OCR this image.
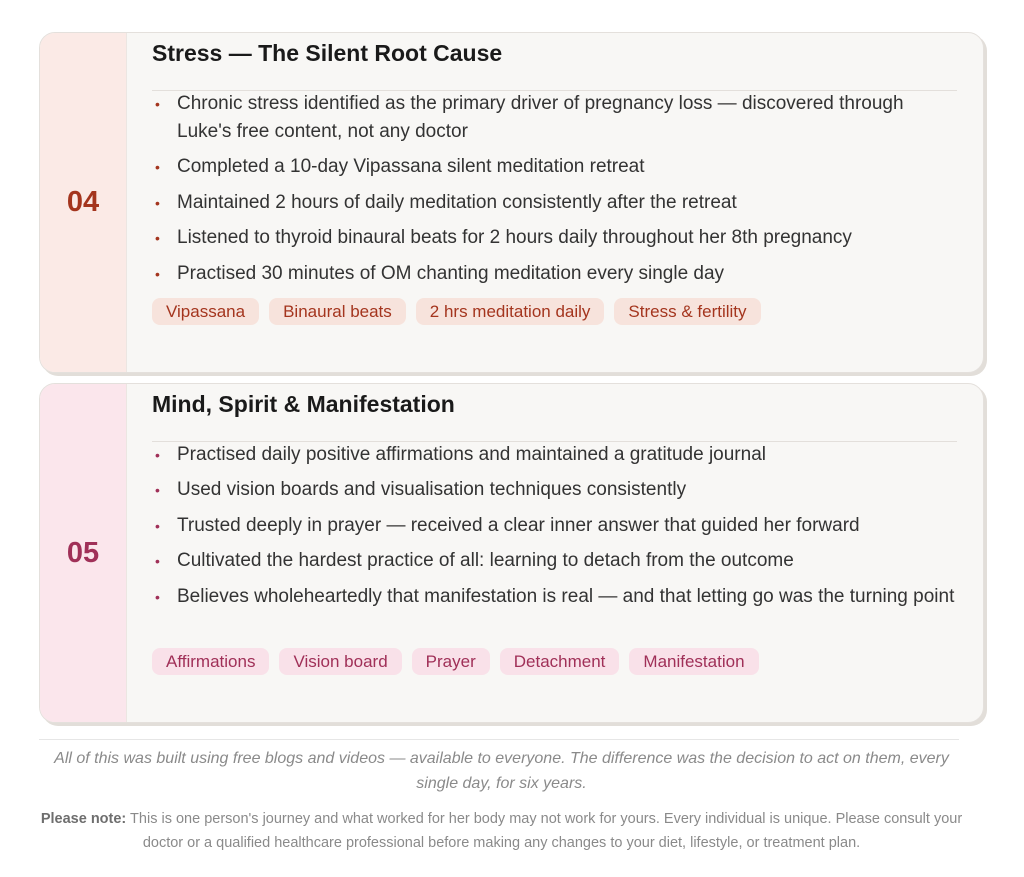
04
Stress — The Silent Root Cause
• Chronic stress identified as the primary driver of pregnancy loss — discovered through Luke's free content, not any doctor
• Completed a 10-day Vipassana silent meditation retreat
• Maintained 2 hours of daily meditation consistently after the retreat
• Listened to thyroid binaural beats for 2 hours daily throughout her 8th pregnancy
• Practised 30 minutes of OM chanting meditation every single day
Vipassana	Binaural beats	2 hrs meditation daily	Stress & fertility
05
Mind, Spirit & Manifestation
• Practised daily positive affirmations and maintained a gratitude journal
• Used vision boards and visualisation techniques consistently
• Trusted deeply in prayer — received a clear inner answer that guided her forward
• Cultivated the hardest practice of all: learning to detach from the outcome
• Believes wholeheartedly that manifestation is real — and that letting go was the turning point
Affirmations	Vision board	Prayer	Detachment	Manifestation

All of this was built using free blogs and videos — available to everyone. The difference was the decision to act on them, every single day, for six years.

Please note: This is one person's journey and what worked for her body may not work for yours. Every individual is unique. Please consult your doctor or a qualified healthcare professional before making any changes to your diet, lifestyle, or treatment plan.
